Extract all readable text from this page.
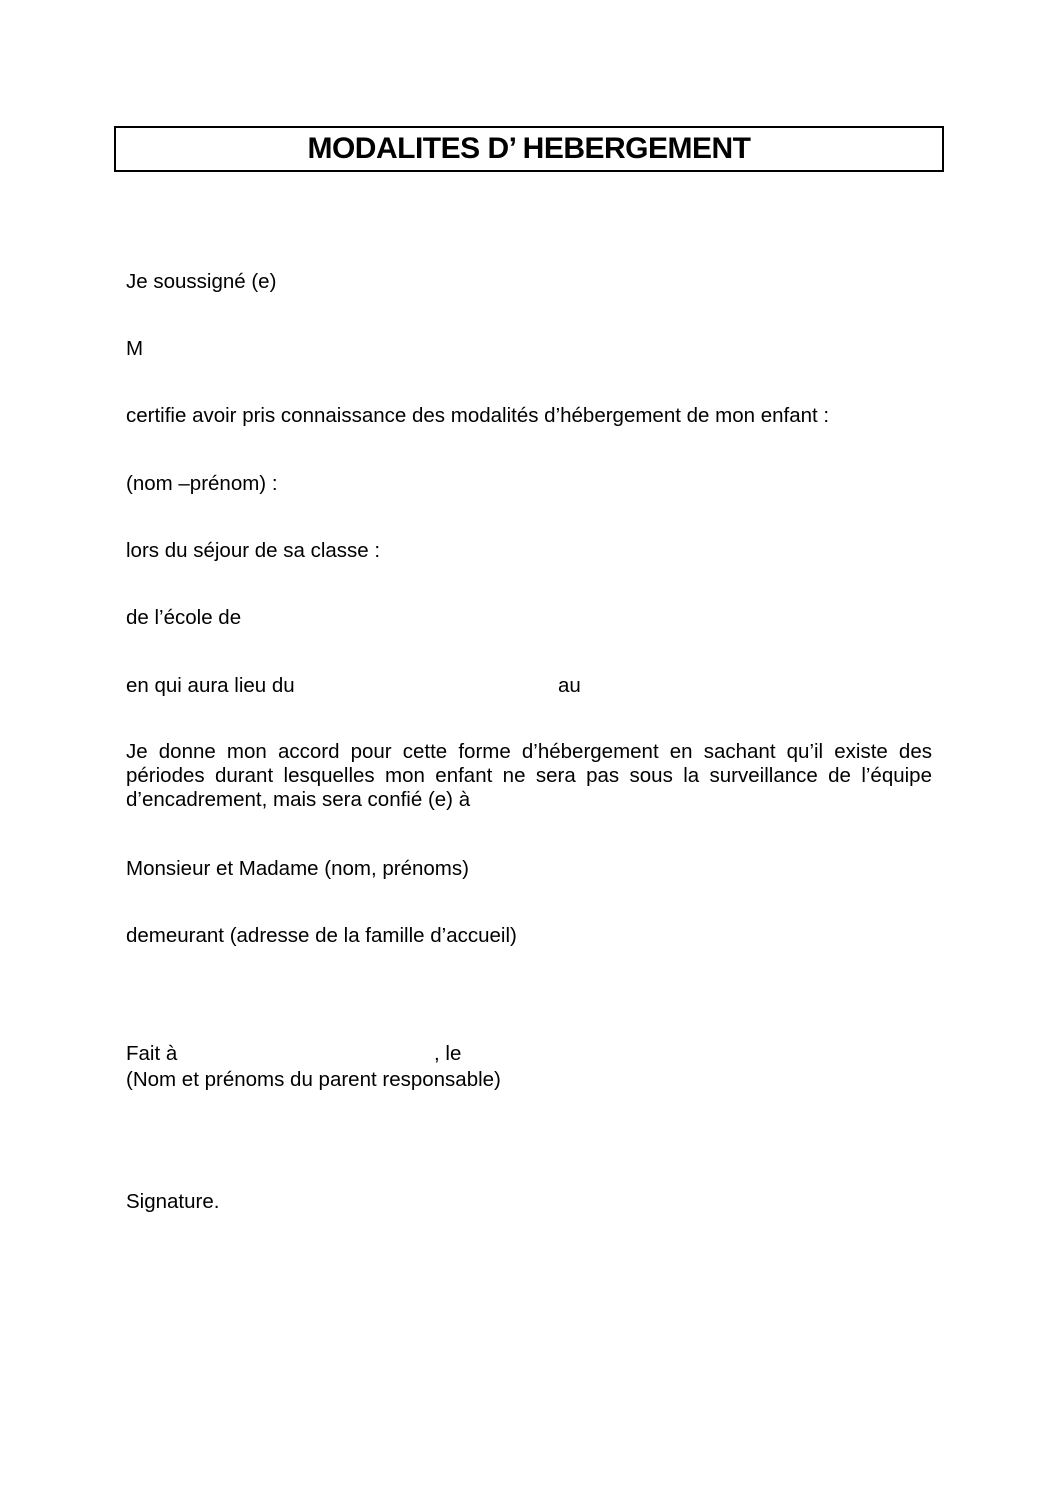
MODALITES D’ HEBERGEMENT
Je soussigné (e)
M
certifie avoir pris connaissance des modalités d’hébergement de mon enfant :
(nom –prénom) :
lors du séjour de sa classe :
de l’école de
en qui aura lieu du	au
Je donne mon accord pour cette forme d’hébergement en sachant qu’il existe des
périodes durant lesquelles mon enfant ne sera pas sous la surveillance de l’équipe
d’encadrement, mais sera confié (e) à
Monsieur et Madame (nom, prénoms)
demeurant (adresse de la famille d’accueil)
Fait à	, le
(Nom et prénoms du parent responsable)
Signature.
